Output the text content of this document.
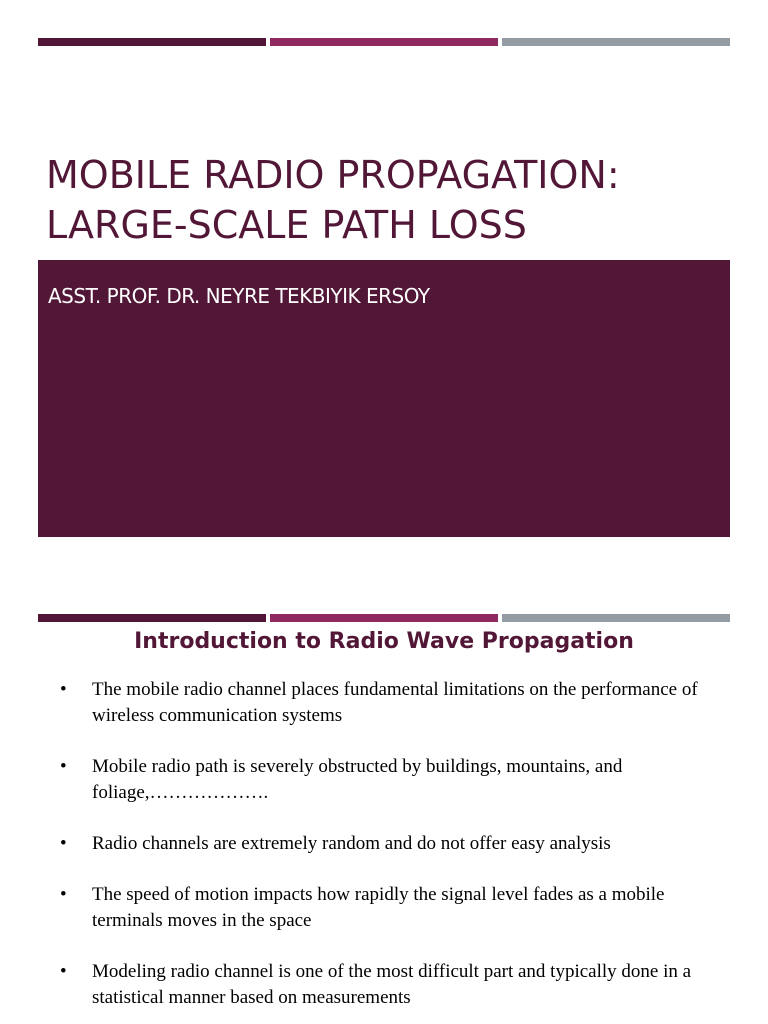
MOBILE RADIO PROPAGATION:
LARGE-SCALE PATH LOSS
ASST. PROF. DR. NEYRE TEKBIYIK ERSOY
Introduction to Radio Wave Propagation
• The mobile radio channel places fundamental limitations on the performance of wireless communication systems
• Mobile radio path is severely obstructed by buildings, mountains, and foliage,……………….
• Radio channels are extremely random and do not offer easy analysis
• The speed of motion impacts how rapidly the signal level fades as a mobile terminals moves in the space
• Modeling radio channel is one of the most difficult part and typically done in a statistical manner based on measurements
